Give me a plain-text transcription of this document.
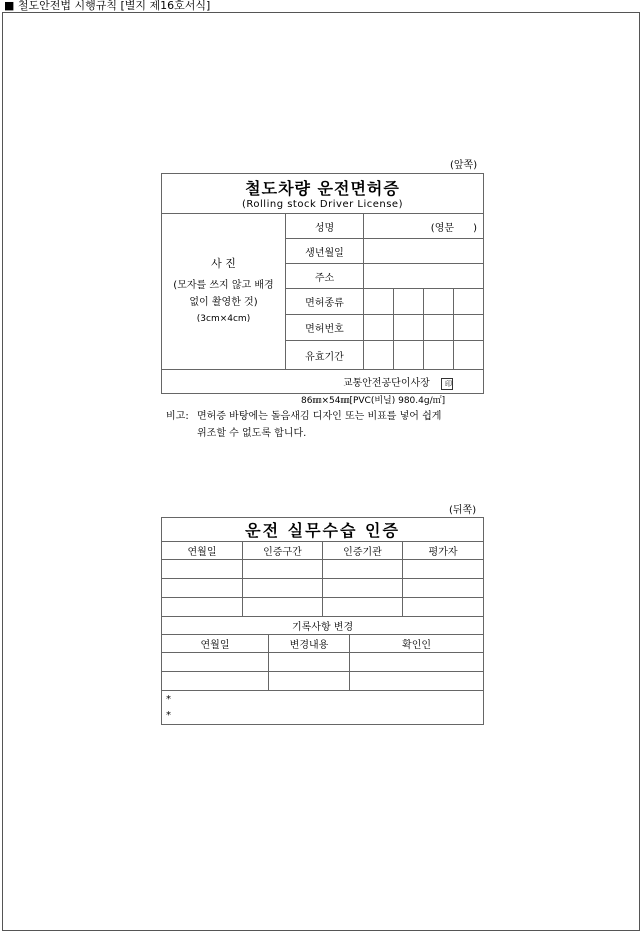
■ 철도안전법 시행규칙 [별지 제16호서식]
(앞쪽)
철도차량 운전면허증
(Rolling stock Driver License)					

사 진
(모자를 쓰지 않고 배경
없이 촬영한 것)
(3cm×4cm)	성명	(영문      )			
	생년월일				
	주소				
	면허종류				
	면허번호				
	유효기간				
교통안전공단이사장 印					
86㎜×54㎜[PVC(비닐) 980.4g/㎡]
비고: 면허증 바탕에는 돌음새김 디자인 또는 비표를 넣어 쉽게
위조할 수 없도록 합니다.
(뒤쪽)
운전 실무수습 인증					
연월일	인증구간		인증기관		평가자

기록사항 변경					
연월일		변경내용		확인인	

*
*					
